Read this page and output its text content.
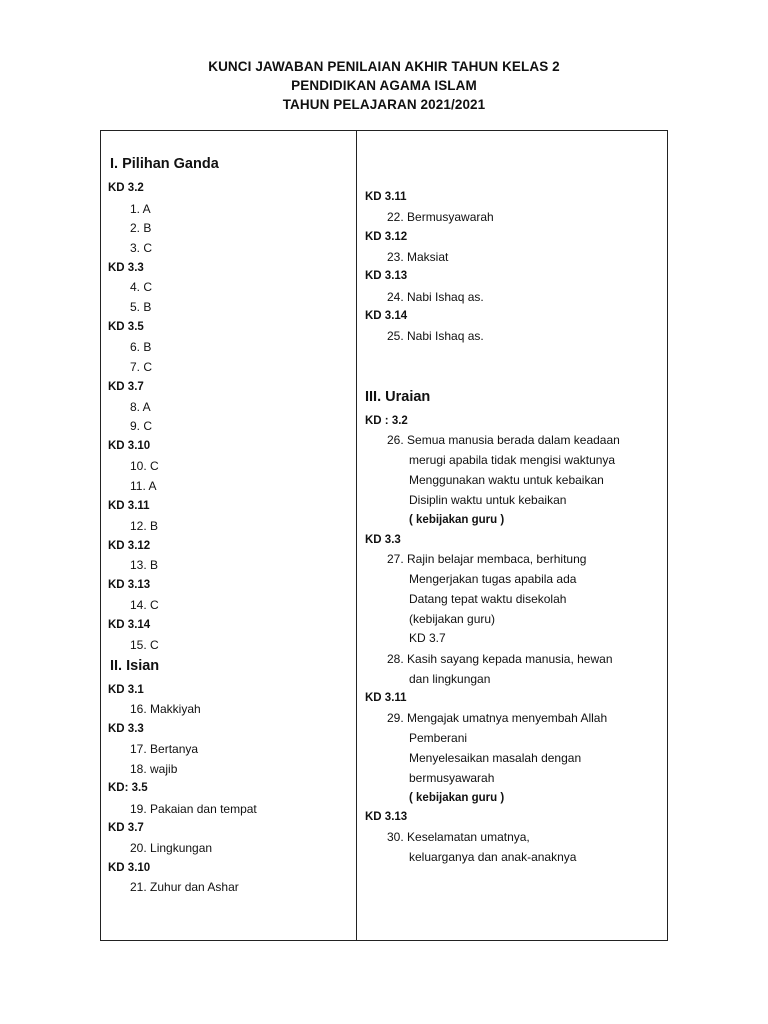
KUNCI JAWABAN PENILAIAN AKHIR TAHUN KELAS 2
PENDIDIKAN AGAMA ISLAM
TAHUN PELAJARAN 2021/2021
I. Pilihan Ganda
KD 3.2
1. A
2. B
3. C
KD 3.3
4. C
5. B
KD 3.5
6. B
7. C
KD 3.7
8. A
9. C
KD 3.10
10. C
11. A
KD 3.11
12. B
KD 3.12
13. B
KD 3.13
14. C
KD 3.14
15. C
II. Isian
KD 3.1
16. Makkiyah
KD 3.3
17. Bertanya
18. wajib
KD: 3.5
19. Pakaian dan tempat
KD 3.7
20. Lingkungan
KD 3.10
21. Zuhur dan Ashar
KD 3.11
22. Bermusyawarah
KD 3.12
23. Maksiat
KD 3.13
24. Nabi Ishaq as.
KD 3.14
25. Nabi Ishaq as.
III. Uraian
KD : 3.2
26. Semua manusia berada dalam keadaan
merugi apabila tidak mengisi waktunya
Menggunakan waktu untuk kebaikan
Disiplin waktu untuk kebaikan
( kebijakan guru )
KD 3.3
27. Rajin belajar membaca, berhitung
Mengerjakan tugas apabila ada
Datang tepat waktu disekolah
(kebijakan guru)
KD 3.7
28. Kasih sayang kepada manusia, hewan
dan lingkungan
KD 3.11
29. Mengajak umatnya menyembah Allah
Pemberani
Menyelesaikan masalah dengan
bermusyawarah
( kebijakan guru )
KD 3.13
30. Keselamatan umatnya,
keluarganya dan anak-anaknya
